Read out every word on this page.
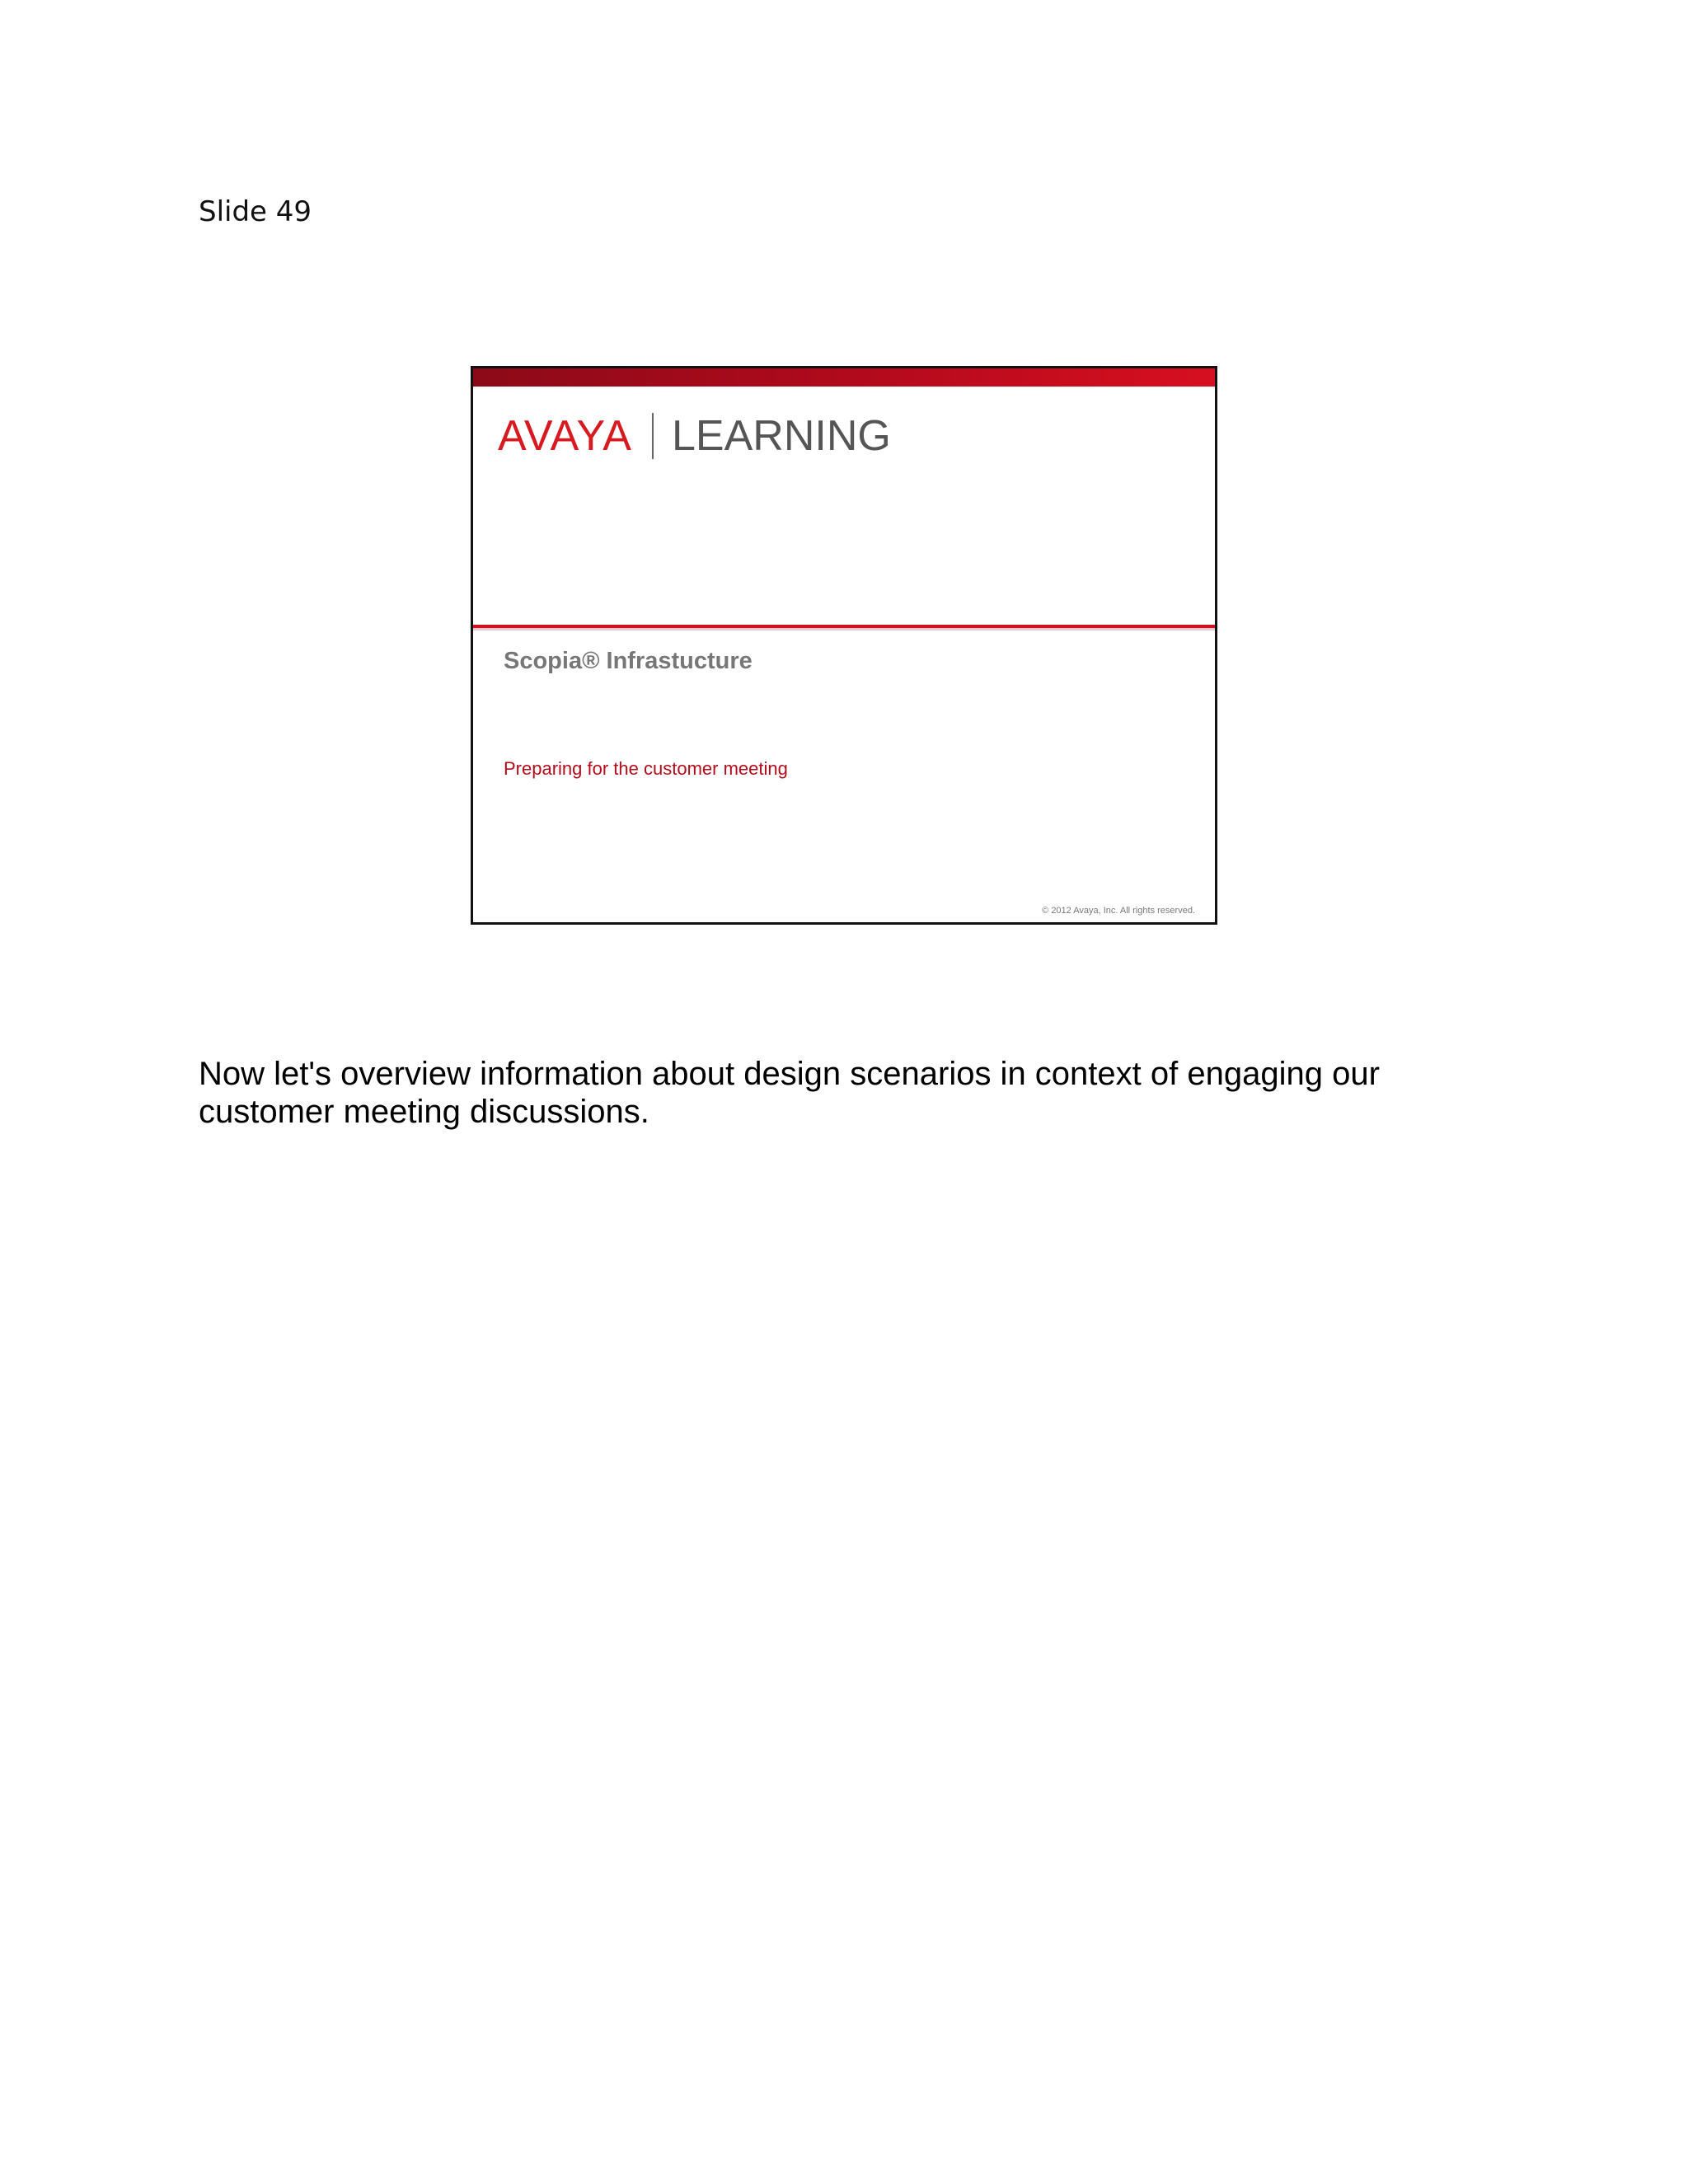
Slide 49
AVAYA LEARNING
Scopia® Infrastucture
Preparing for the customer meeting
© 2012 Avaya, Inc. All rights reserved.
Now let's overview information about design scenarios in context of engaging our customer meeting discussions.
